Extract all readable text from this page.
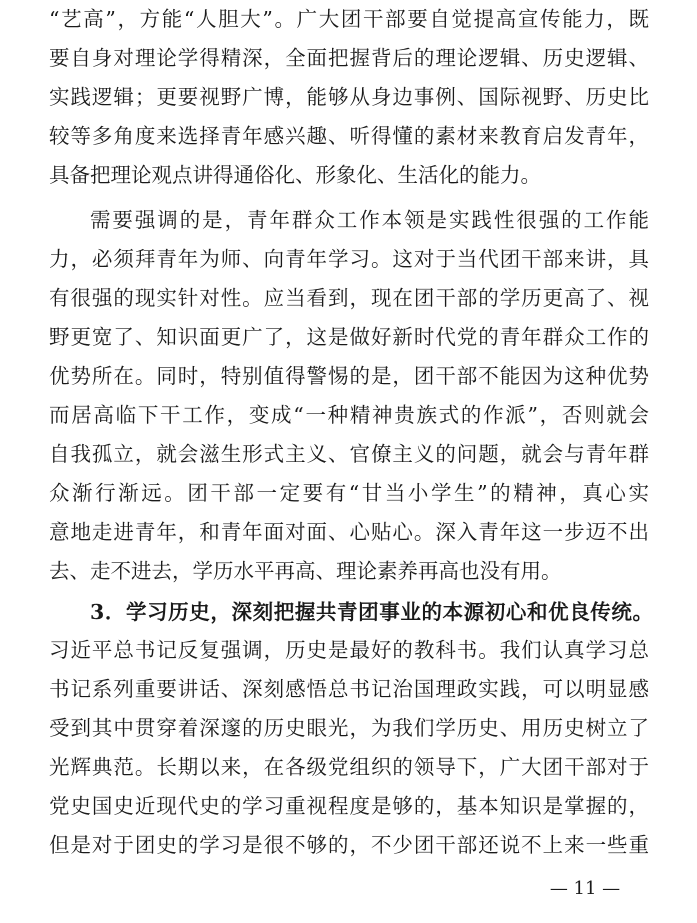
“艺高”，方能“人胆大”。广大团干部要自觉提高宣传能力，既
要自身对理论学得精深，全面把握背后的理论逻辑、历史逻辑、
实践逻辑；更要视野广博，能够从身边事例、国际视野、历史比
较等多角度来选择青年感兴趣、听得懂的素材来教育启发青年，
具备把理论观点讲得通俗化、形象化、生活化的能力。
需要强调的是，青年群众工作本领是实践性很强的工作能
力，必须拜青年为师、向青年学习。这对于当代团干部来讲，具
有很强的现实针对性。应当看到，现在团干部的学历更高了、视
野更宽了、知识面更广了，这是做好新时代党的青年群众工作的
优势所在。同时，特别值得警惕的是，团干部不能因为这种优势
而居高临下干工作，变成“一种精神贵族式的作派”，否则就会
自我孤立，就会滋生形式主义、官僚主义的问题，就会与青年群
众渐行渐远。团干部一定要有“甘当小学生”的精神，真心实
意地走进青年，和青年面对面、心贴心。深入青年这一步迈不出
去、走不进去，学历水平再高、理论素养再高也没有用。
3．学习历史，深刻把握共青团事业的本源初心和优良传统。
习近平总书记反复强调，历史是最好的教科书。我们认真学习总
书记系列重要讲话、深刻感悟总书记治国理政实践，可以明显感
受到其中贯穿着深邃的历史眼光，为我们学历史、用历史树立了
光辉典范。长期以来，在各级党组织的领导下，广大团干部对于
党史国史近现代史的学习重视程度是够的，基本知识是掌握的，
但是对于团史的学习是很不够的，不少团干部还说不上来一些重
— 11 —
